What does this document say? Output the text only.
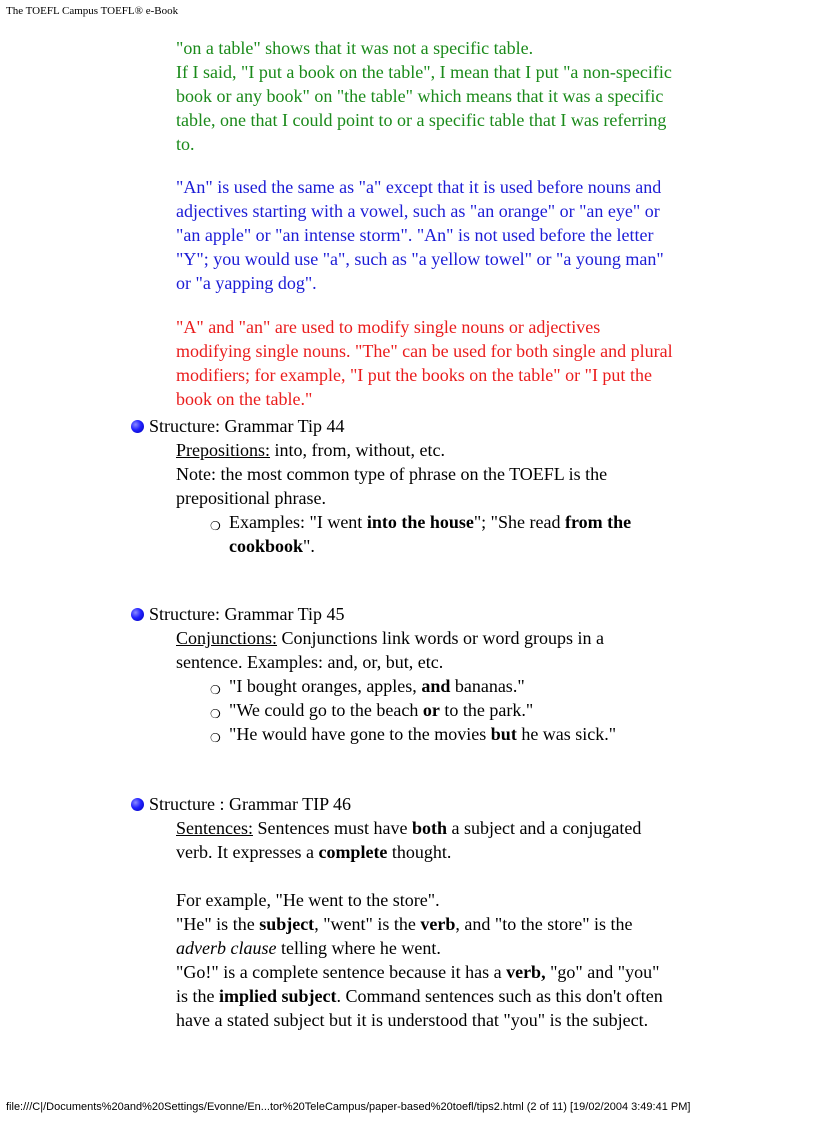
The TOEFL Campus TOEFL® e-Book
"on a table" shows that it was not a specific table.
If I said, "I put a book on the table", I mean that I put "a non-specific
book or any book" on "the table" which means that it was a specific
table, one that I could point to or a specific table that I was referring
to.
"An" is used the same as "a" except that it is used before nouns and
adjectives starting with a vowel, such as "an orange" or "an eye" or
"an apple" or "an intense storm". "An" is not used before the letter
"Y"; you would use "a", such as "a yellow towel" or "a young man"
or "a yapping dog".
"A" and "an" are used to modify single nouns or adjectives
modifying single nouns. "The" can be used for both single and plural
modifiers; for example, "I put the books on the table" or "I put the
book on the table."
Structure: Grammar Tip 44

Prepositions: into, from, without, etc.

Note: the most common type of phrase on the TOEFL is the

prepositional phrase.

❍ Examples: "I went into the house"; "She read from the
cookbook".
Structure: Grammar Tip 45

Conjunctions: Conjunctions link words or word groups in a

sentence. Examples: and, or, but, etc.

❍ "I bought oranges, apples, and bananas."
❍ "We could go to the beach or to the park."
❍ "He would have gone to the movies but he was sick."
Structure : Grammar TIP 46

Sentences: Sentences must have both a subject and a conjugated

verb. It expresses a complete thought.

For example, "He went to the store".

"He" is the subject, "went" is the verb, and "to the store" is the

adverb clause telling where he went.

"Go!" is a complete sentence because it has a verb, "go" and "you"

is the implied subject. Command sentences such as this don't often

have a stated subject but it is understood that "you" is the subject.

file:///C|/Documents%20and%20Settings/Evonne/En...tor%20TeleCampus/paper-based%20toefl/tips2.html (2 of 11) [19/02/2004 3:49:41 PM]
